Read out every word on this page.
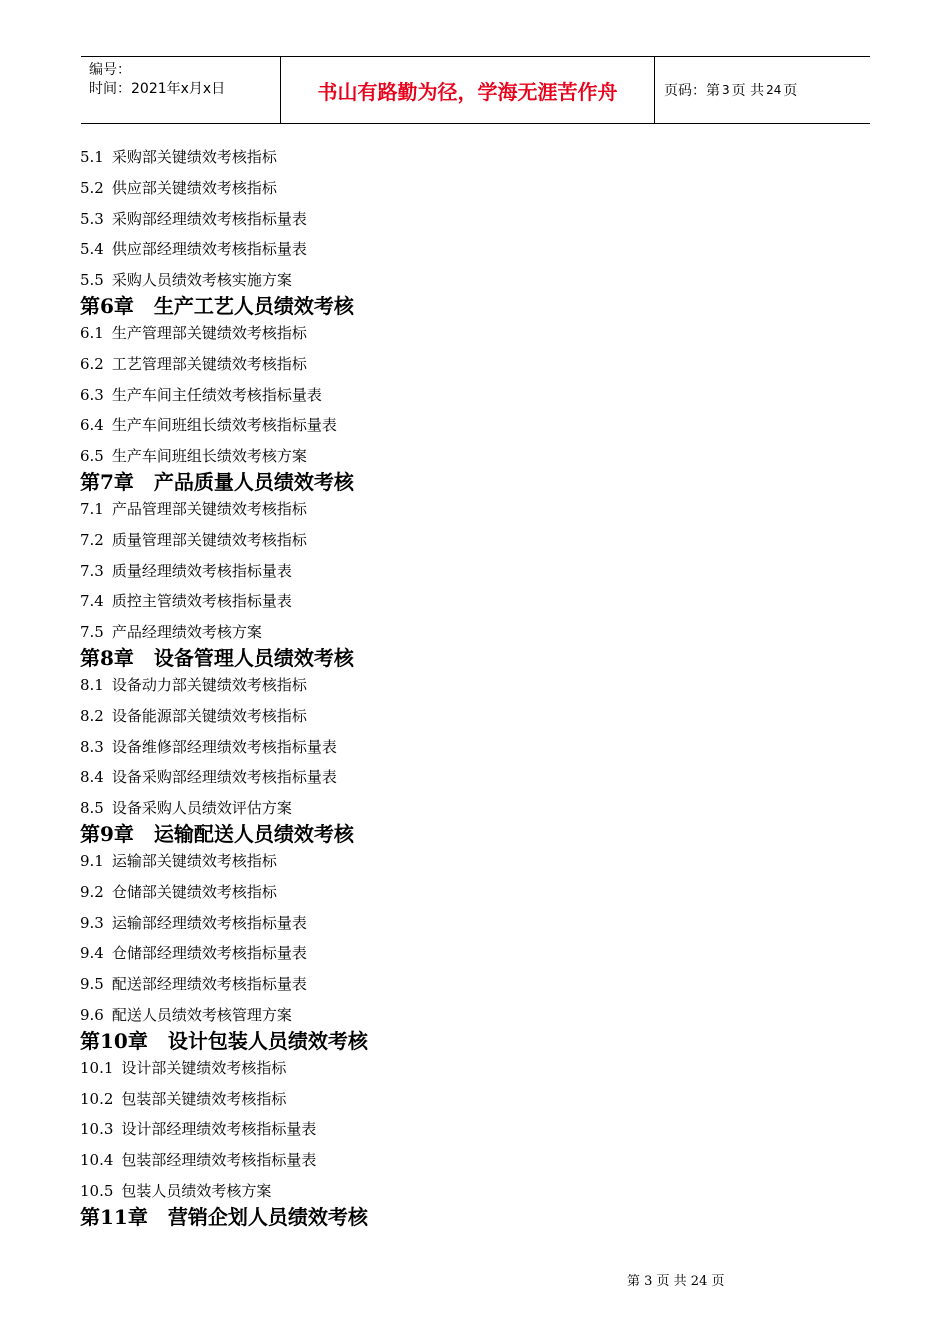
编号：
时间：2021年x月x日	书山有路勤为径，学海无涯苦作舟	页码：第 3 页 共 24 页
5.1 采购部关键绩效考核指标
5.2 供应部关键绩效考核指标
5.3 采购部经理绩效考核指标量表
5.4 供应部经理绩效考核指标量表
5.5 采购人员绩效考核实施方案
第6章 生产工艺人员绩效考核
6.1 生产管理部关键绩效考核指标
6.2 工艺管理部关键绩效考核指标
6.3 生产车间主任绩效考核指标量表
6.4 生产车间班组长绩效考核指标量表
6.5 生产车间班组长绩效考核方案
第7章 产品质量人员绩效考核
7.1 产品管理部关键绩效考核指标
7.2 质量管理部关键绩效考核指标
7.3 质量经理绩效考核指标量表
7.4 质控主管绩效考核指标量表
7.5 产品经理绩效考核方案
第8章 设备管理人员绩效考核
8.1 设备动力部关键绩效考核指标
8.2 设备能源部关键绩效考核指标
8.3 设备维修部经理绩效考核指标量表
8.4 设备采购部经理绩效考核指标量表
8.5 设备采购人员绩效评估方案
第9章 运输配送人员绩效考核
9.1 运输部关键绩效考核指标
9.2 仓储部关键绩效考核指标
9.3 运输部经理绩效考核指标量表
9.4 仓储部经理绩效考核指标量表
9.5 配送部经理绩效考核指标量表
9.6 配送人员绩效考核管理方案
第10章 设计包装人员绩效考核
10.1 设计部关键绩效考核指标
10.2 包装部关键绩效考核指标
10.3 设计部经理绩效考核指标量表
10.4 包装部经理绩效考核指标量表
10.5 包装人员绩效考核方案
第11章 营销企划人员绩效考核
第 3 页 共 24 页
